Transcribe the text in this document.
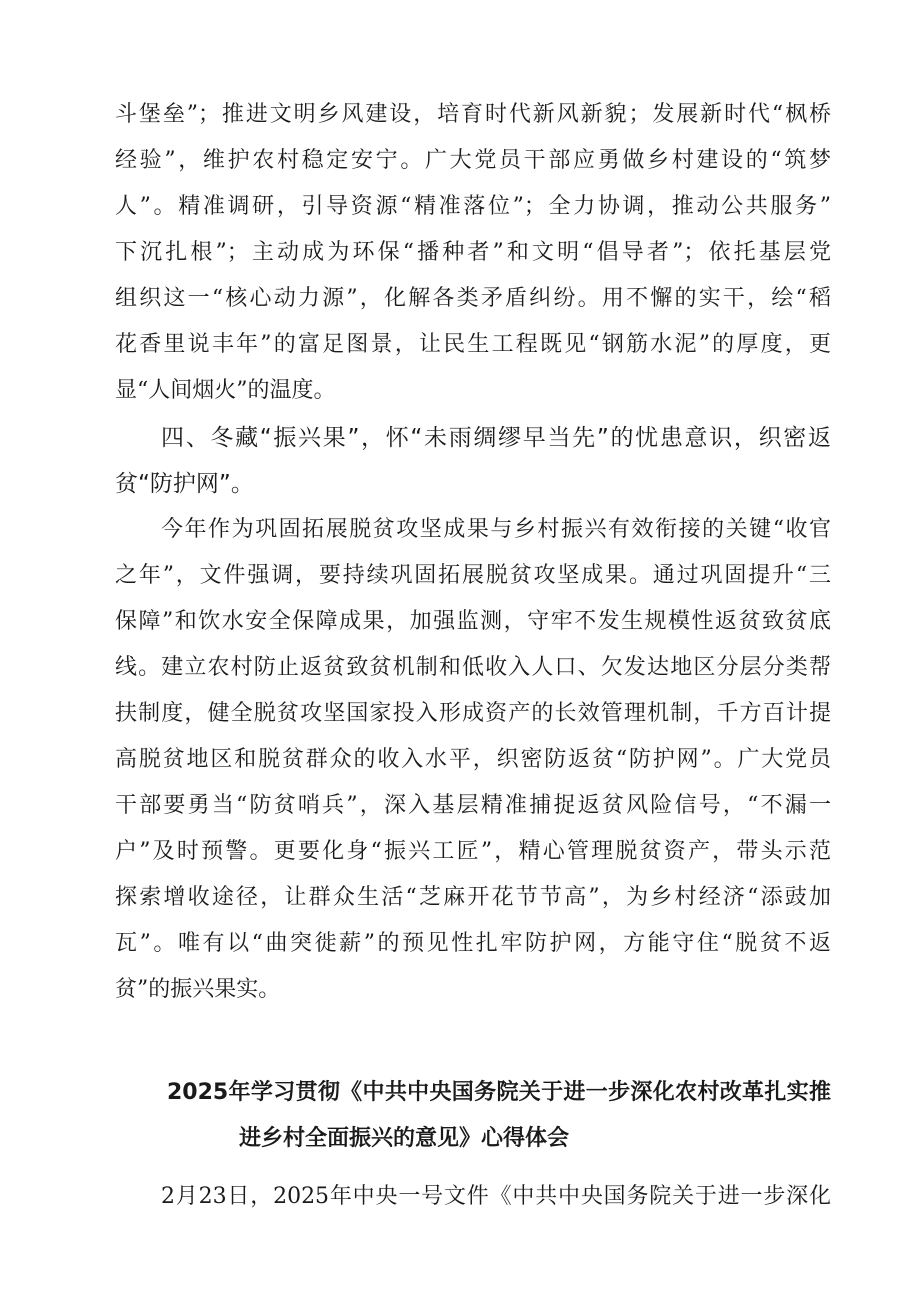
斗堡垒”；推进文明乡风建设，培育时代新风新貌；发展新时代“枫桥
经验”，维护农村稳定安宁。广大党员干部应勇做乡村建设的“筑梦
人”。精准调研，引导资源“精准落位”；全力协调，推动公共服务”
下沉扎根”；主动成为环保“播种者”和文明“倡导者”；依托基层党
组织这一“核心动力源”，化解各类矛盾纠纷。用不懈的实干，绘“稻
花香里说丰年”的富足图景，让民生工程既见“钢筋水泥”的厚度，更
显“人间烟火”的温度。
四、冬藏“振兴果”，怀“未雨绸缪早当先”的忧患意识，织密返
贫“防护网”。
今年作为巩固拓展脱贫攻坚成果与乡村振兴有效衔接的关键“收官
之年”，文件强调，要持续巩固拓展脱贫攻坚成果。通过巩固提升“三
保障”和饮水安全保障成果，加强监测，守牢不发生规模性返贫致贫底
线。建立农村防止返贫致贫机制和低收入人口、欠发达地区分层分类帮
扶制度，健全脱贫攻坚国家投入形成资产的长效管理机制，千方百计提
高脱贫地区和脱贫群众的收入水平，织密防返贫“防护网”。广大党员
干部要勇当“防贫哨兵”，深入基层精准捕捉返贫风险信号，“不漏一
户”及时预警。更要化身“振兴工匠”，精心管理脱贫资产，带头示范
探索增收途径，让群众生活“芝麻开花节节高”，为乡村经济“添豉加
瓦”。唯有以“曲突徙薪”的预见性扎牢防护网，方能守住“脱贫不返
贫”的振兴果实。
2025年学习贯彻《中共中央国务院关于进一步深化农村改革扎实推
进乡村全面振兴的意见》心得体会
2月23日，2025年中央一号文件《中共中央国务院关于进一步深化
